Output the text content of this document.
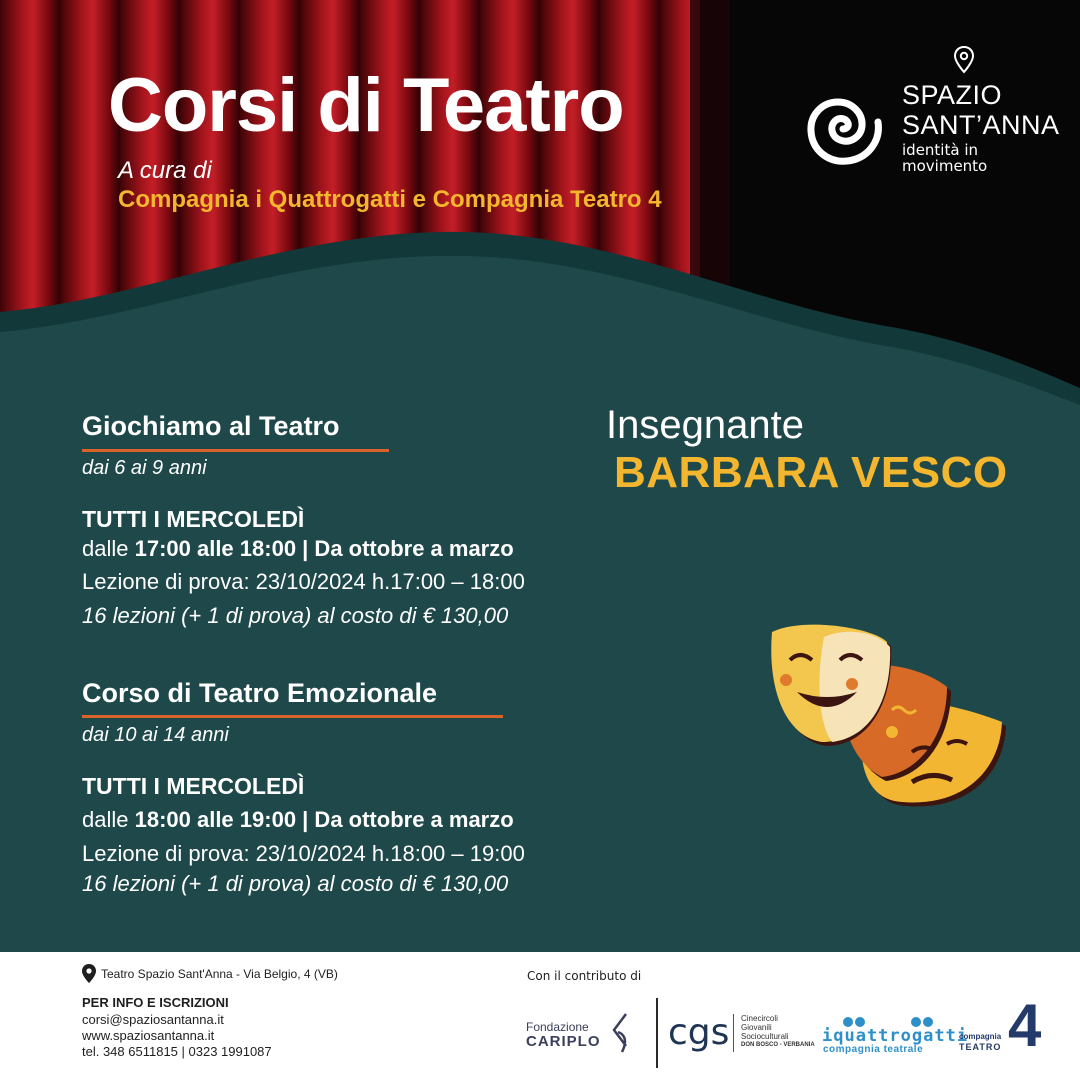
Corsi di Teatro
A cura di
Compagnia i Quattrogatti e Compagnia Teatro 4
SPAZIO
SANT’ANNA
identità in
movimento
Giochiamo al Teatro
dai 6 ai 9 anni
TUTTI I MERCOLEDÌ
dalle 17:00 alle 18:00 | Da ottobre a marzo
Lezione di prova: 23/10/2024 h.17:00 – 18:00
16 lezioni (+ 1 di prova) al costo di € 130,00
Corso di Teatro Emozionale
dai 10 ai 14 anni
TUTTI I MERCOLEDÌ
dalle 18:00 alle 19:00 | Da ottobre a marzo
Lezione di prova: 23/10/2024 h.18:00 – 19:00
16 lezioni (+ 1 di prova) al costo di € 130,00
Insegnante
BARBARA VESCO
Teatro Spazio Sant'Anna - Via Belgio, 4 (VB)
PER INFO E ISCRIZIONI
corsi@spaziosantanna.it
www.spaziosantanna.it
tel. 348 6511815 | 0323 1991087
Con il contributo di
Fondazione
CARIPLO cgs Cinecircoli
Giovanili
Socioculturali
DON BOSCO - VERBANIA iquattrogatti
compagnia teatrale
compagnia
TEATRO 4
